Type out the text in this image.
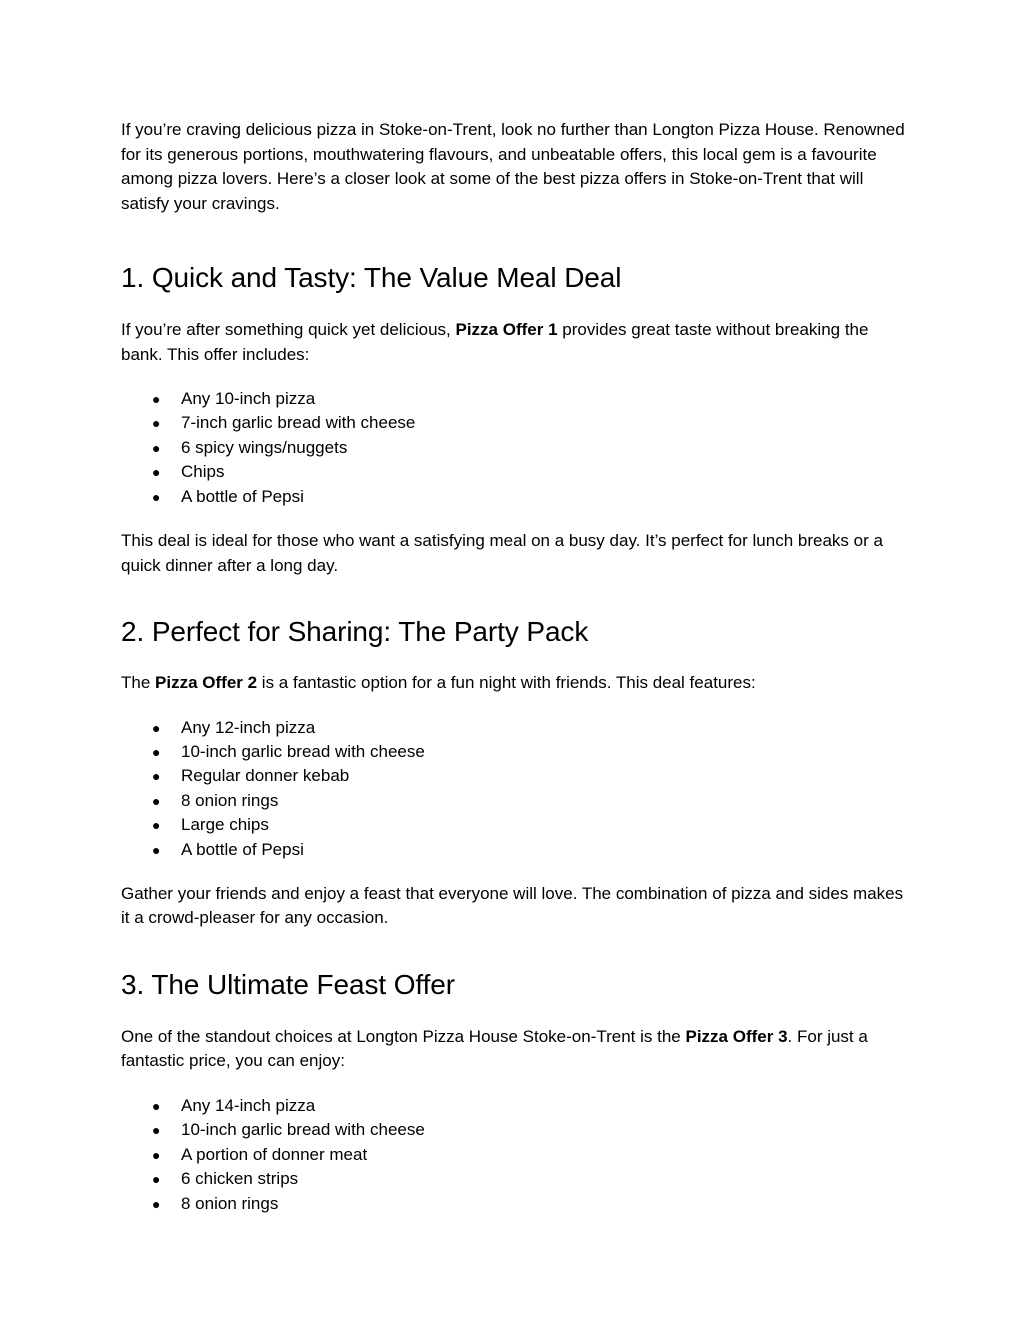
If you’re craving delicious pizza in Stoke-on-Trent, look no further than Longton Pizza House. Renowned for its generous portions, mouthwatering flavours, and unbeatable offers, this local gem is a favourite among pizza lovers. Here’s a closer look at some of the best pizza offers in Stoke-on-Trent that will satisfy your cravings.

1. Quick and Tasty: The Value Meal Deal

If you’re after something quick yet delicious, Pizza Offer 1 provides great taste without breaking the bank. This offer includes:

● Any 10-inch pizza
● 7-inch garlic bread with cheese
● 6 spicy wings/nuggets
● Chips
● A bottle of Pepsi

This deal is ideal for those who want a satisfying meal on a busy day. It’s perfect for lunch breaks or a quick dinner after a long day.

2. Perfect for Sharing: The Party Pack

The Pizza Offer 2 is a fantastic option for a fun night with friends. This deal features:

● Any 12-inch pizza
● 10-inch garlic bread with cheese
● Regular donner kebab
● 8 onion rings
● Large chips
● A bottle of Pepsi

Gather your friends and enjoy a feast that everyone will love. The combination of pizza and sides makes it a crowd-pleaser for any occasion.

3. The Ultimate Feast Offer

One of the standout choices at Longton Pizza House Stoke-on-Trent is the Pizza Offer 3. For just a fantastic price, you can enjoy:

● Any 14-inch pizza
● 10-inch garlic bread with cheese
● A portion of donner meat
● 6 chicken strips
● 8 onion rings
